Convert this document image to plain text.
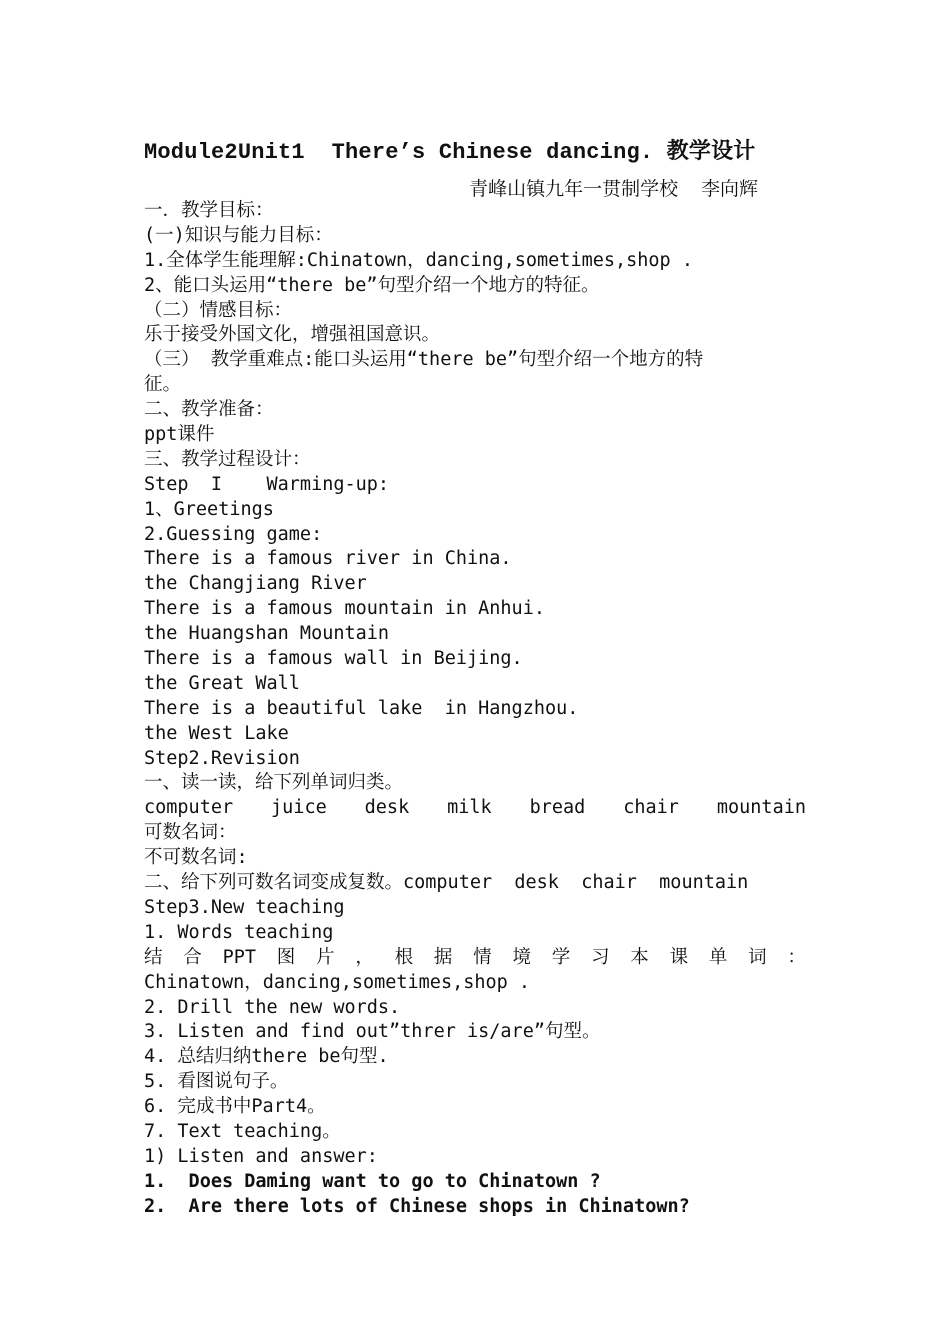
Module2Unit1  There’s Chinese dancing. 教学设计
青峰山镇九年一贯制学校  李向辉
一．教学目标：
(一)知识与能力目标：
1.全体学生能理解:Chinatown，dancing,sometimes,shop .
2、能口头运用“there be”句型介绍一个地方的特征。
（二）情感目标：
乐于接受外国文化，增强祖国意识。
（三） 教学重难点:能口头运用“there be”句型介绍一个地方的特
征。
二、教学准备：
ppt课件
三、教学过程设计：
Step  I    Warming-up:
1、Greetings
2.Guessing game:
There is a famous river in China.
the Changjiang River
There is a famous mountain in Anhui.
the Huangshan Mountain
There is a famous wall in Beijing.
the Great Wall
There is a beautiful lake  in Hangzhou.
the West Lake
Step2.Revision
一、读一读，给下列单词归类。
computer juice desk milk bread chair mountain
可数名词：
不可数名词:
二、给下列可数名词变成复数。computer  desk  chair  mountain
Step3.New teaching
1. Words teaching
结 合 PPT 图 片 ， 根 据 情 境 学 习 本 课 单 词 ：
Chinatown，dancing,sometimes,shop .
2. Drill the new words.
3. Listen and find out”threr is/are”句型。
4. 总结归纳there be句型.
5. 看图说句子。
6. 完成书中Part4。
7. Text teaching。
1) Listen and answer:
1.  Does Daming want to go to Chinatown ?
2.  Are there lots of Chinese shops in Chinatown?
